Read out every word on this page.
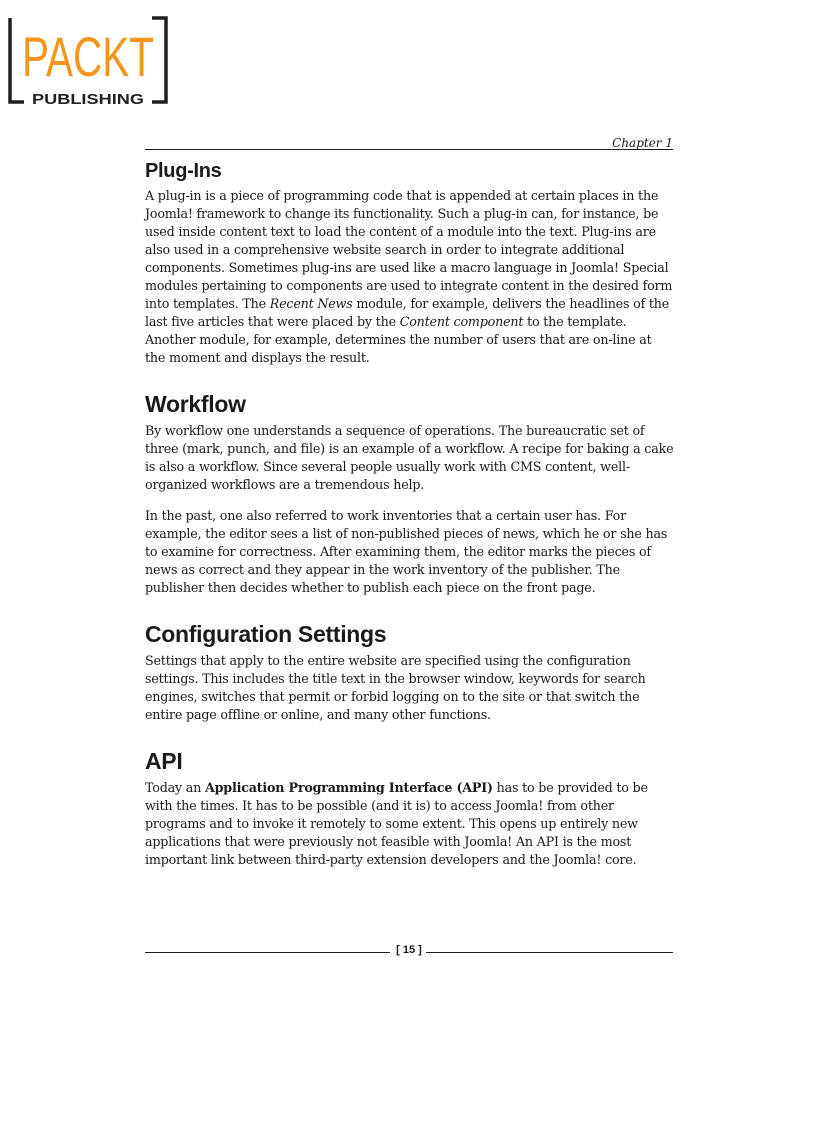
PACKT
PUBLISHING
Chapter 1
Plug-Ins

A plug-in is a piece of programming code that is appended at certain places in the Joomla! framework to change its functionality. Such a plug-in can, for instance, be used inside content text to load the content of a module into the text. Plug-ins are also used in a comprehensive website search in order to integrate additional components. Sometimes plug-ins are used like a macro language in Joomla! Special modules pertaining to components are used to integrate content in the desired form into templates. The Recent News module, for example, delivers the headlines of the last five articles that were placed by the Content component to the template. Another module, for example, determines the number of users that are on-line at the moment and displays the result.

Workflow

By workflow one understands a sequence of operations. The bureaucratic set of three (mark, punch, and file) is an example of a workflow. A recipe for baking a cake is also a workflow. Since several people usually work with CMS content, well-organized workflows are a tremendous help.

In the past, one also referred to work inventories that a certain user has. For example, the editor sees a list of non-published pieces of news, which he or she has to examine for correctness. After examining them, the editor marks the pieces of news as correct and they appear in the work inventory of the publisher. The publisher then decides whether to publish each piece on the front page.

Configuration Settings

Settings that apply to the entire website are specified using the configuration settings. This includes the title text in the browser window, keywords for search engines, switches that permit or forbid logging on to the site or that switch the entire page offline or online, and many other functions.

API

Today an Application Programming Interface (API) has to be provided to be with the times. It has to be possible (and it is) to access Joomla! from other programs and to invoke it remotely to some extent. This opens up entirely new applications that were previously not feasible with Joomla! An API is the most important link between third-party extension developers and the Joomla! core.

[ 15 ]
